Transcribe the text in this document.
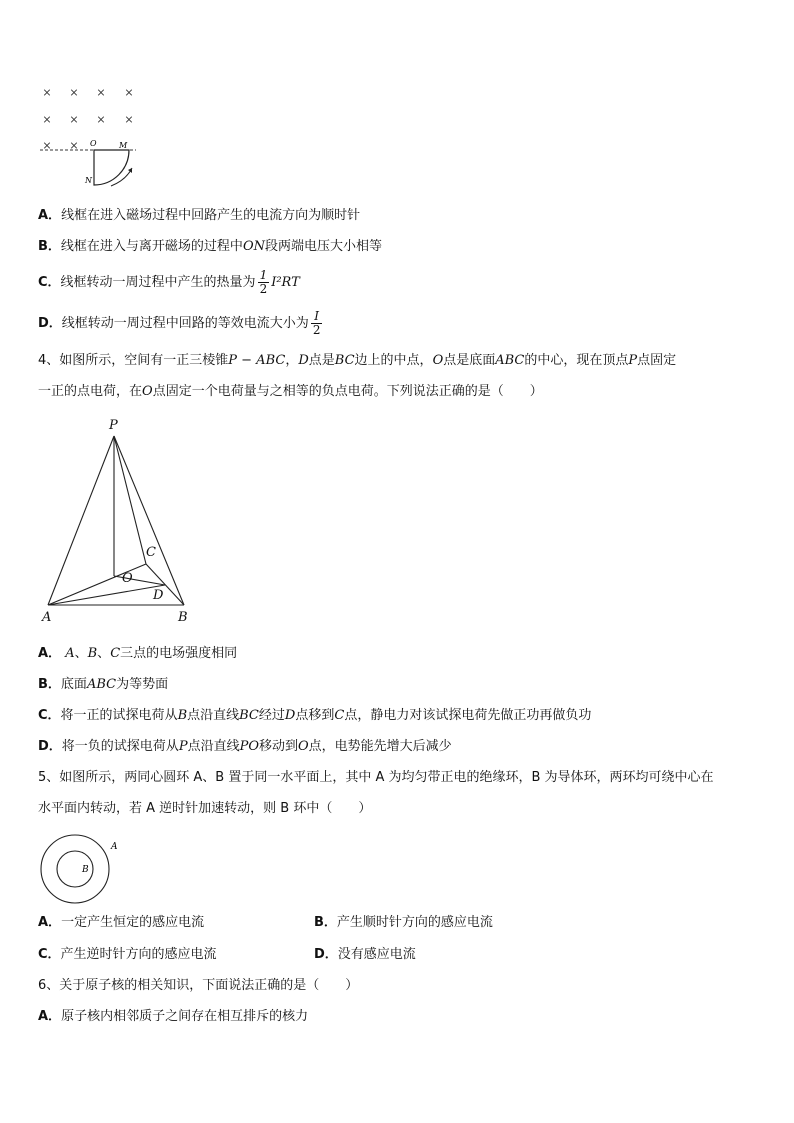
× × × ×
× × × ×
× × O	M
N
A．线框在进入磁场过程中回路产生的电流方向为顺时针
B．线框在进入与离开磁场的过程中ON段两端电压大小相等
C．线框转动一周过程中产生的热量为 $\frac{1}{2} I^2RT$
D．线框转动一周过程中回路的等效电流大小为 $\frac{I}{2}$
4、如图所示，空间有一正三棱锥P − ABC，D点是BC边上的中点，O点是底面ABC的中心，现在顶点P点固定
一正的点电荷，在O点固定一个电荷量与之相等的负点电荷。下列说法正确的是（　　）
P
A	B
C
O
D
A． A、B、C三点的电场强度相同
B．底面ABC为等势面
C．将一正的试探电荷从B点沿直线BC经过D点移到C点，静电力对该试探电荷先做正功再做负功
D．将一负的试探电荷从P点沿直线PO移动到O点，电势能先增大后减少
5、如图所示，两同心圆环 A、B 置于同一水平面上，其中 A 为均匀带正电的绝缘环，B 为导体环，两环均可绕中心在
水平面内转动，若 A 逆时针加速转动，则 B 环中（　　）
A
B
A．一定产生恒定的感应电流	B．产生顺时针方向的感应电流
C．产生逆时针方向的感应电流	D．没有感应电流
6、关于原子核的相关知识，下面说法正确的是（　　）
A．原子核内相邻质子之间存在相互排斥的核力
